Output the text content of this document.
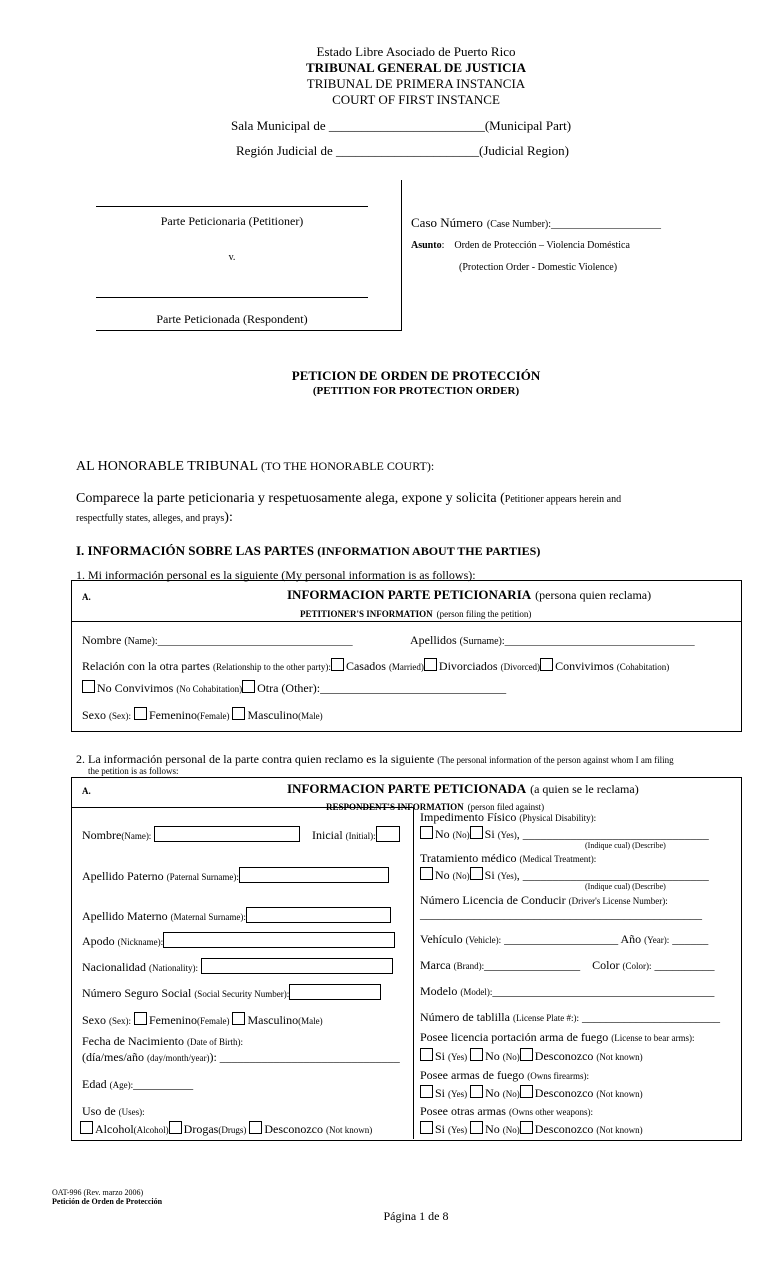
Estado Libre Asociado de Puerto Rico
TRIBUNAL GENERAL DE JUSTICIA
TRIBUNAL DE PRIMERA INSTANCIA
COURT OF FIRST INSTANCE
Sala Municipal de ________________________(Municipal Part)
Región Judicial de ______________________(Judicial Region)
Parte Peticionaria (Petitioner)
v.
Parte Peticionada (Respondent)
Caso Número (Case Number):______________________
Asunto:    Orden de Protección – Violencia Doméstica
(Protection Order - Domestic Violence)
PETICION DE ORDEN DE PROTECCIÓN
(PETITION FOR PROTECTION ORDER)
AL HONORABLE TRIBUNAL (TO THE HONORABLE COURT):
Comparece la parte peticionaria y respetuosamente alega, expone y solicita (Petitioner appears herein and
respectfully states, alleges, and prays):
I. INFORMACIÓN SOBRE LAS PARTES (INFORMATION ABOUT THE PARTIES)
1. Mi información personal es la siguiente (My personal information is as follows):
A.	INFORMACION PARTE PETICIONARIA (persona quien reclama)
PETITIONER'S INFORMATION (person filing the petition)
Nombre (Name):_______________________________________	Apellidos (Surname):______________________________________
Relación con la otra partes (Relationship to the other party): Casados (Married) Divorciados (Divorced) Convivimos (Cohabitation)
No Convivimos (No Cohabitation) Otra (Other):_______________________________
Sexo (Sex): Femenino(Female) Masculino(Male)
2. La información personal de la parte contra quien reclamo es la siguiente (The personal information of the person against whom I am filing
the petition is as follows:
A.	INFORMACION PARTE PETICIONADA (a quien se le reclama)
RESPONDENT'S INFORMATION (person filed against)
Nombre(Name):	Inicial (Initial):
Apellido Paterno (Paternal Surname):
Apellido Materno (Maternal Surname):
Apodo (Nickname):
Nacionalidad (Nationality):
Número Seguro Social (Social Security Number):
Sexo (Sex): Femenino(Female) Masculino(Male)
Fecha de Nacimiento (Date of Birth):
(día/mes/año (day/month/year)): ______________________________
Edad (Age):__________
Uso de (Uses):
Alcohol(Alcohol) Drogas(Drugs) Desconozco (Not known)
Impedimento Físico (Physical Disability):
No (No) Si (Yes), _______________________________
(Indique cual) (Describe)
Tratamiento médico (Medical Treatment):
No (No) Si (Yes), _______________________________
(Indique cual) (Describe)
Número Licencia de Conducir (Driver's License Number):
_______________________________________________
Vehículo (Vehicle): ___________________ Año (Year): ______
Marca (Brand):________________ Color (Color): __________
Modelo (Model):_____________________________________
Número de tablilla (License Plate #:): _______________________
Posee licencia portación arma de fuego (License to bear arms):
Si (Yes) No (No) Desconozco (Not known)
Posee armas de fuego (Owns firearms):
Si (Yes) No (No) Desconozco (Not known)
Posee otras armas (Owns other weapons):
Si (Yes) No (No) Desconozco (Not known)
OAT-996 (Rev. marzo 2006)
Petición de Orden de Protección
Página 1 de 8
